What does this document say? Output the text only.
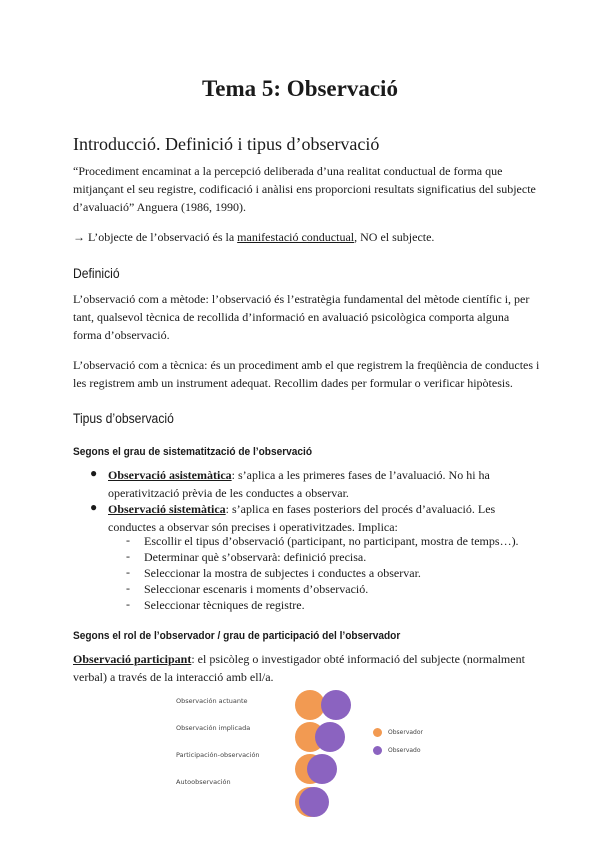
Tema 5: Observació
Introducció. Definició i tipus d’observació
“Procediment encaminat a la percepció deliberada d’una realitat conductual de forma que
mitjançant el seu registre, codificació i anàlisi ens proporcioni resultats significatius del subjecte
d’avaluació” Anguera (1986, 1990).
→ L’objecte de l’observació és la manifestació conductual, NO el subjecte.
Definició
L’observació com a mètode: l’observació és l’estratègia fundamental del mètode científic i, per
tant, qualsevol tècnica de recollida d’informació en avaluació psicològica comporta alguna
forma d’observació.
L’observació com a tècnica: és un procediment amb el que registrem la freqüència de conductes i
les registrem amb un instrument adequat. Recollim dades per formular o verificar hipòtesis.
Tipus d’observació
Segons el grau de sistematització de l’observació
● Observació asistemàtica: s’aplica a les primeres fases de l’avaluació. No hi ha
operativització prèvia de les conductes a observar.
● Observació sistemàtica: s’aplica en fases posteriors del procés d’avaluació. Les
conductes a observar són precises i operativitzades. Implica:
- Escollir el tipus d’observació (participant, no participant, mostra de temps…).
- Determinar què s’observarà: definició precisa.
- Seleccionar la mostra de subjectes i conductes a observar.
- Seleccionar escenaris i moments d’observació.
- Seleccionar tècniques de registre.
Segons el rol de l’observador / grau de participació del l’observador
Observació participant: el psicòleg o investigador obté informació del subjecte (normalment
verbal) a través de la interacció amb ell/a.
Observación actuante
Observación implicada
Participación-observación
Autoobservación
Observador
Observado
